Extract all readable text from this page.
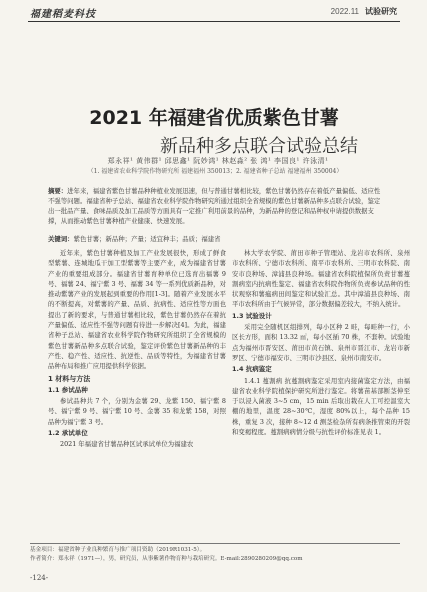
福建稻麦科技	2022.11 试验研究
2021 年福建省优质紫色甘薯
新品种多点联合试验总结
郑永祥¹ 黄伟群¹ 邱思鑫¹ 阮妙鸿¹ 林赵淼² 张 鸿¹ 李国良¹ 许泳清¹
（1. 福建省农业科学院作物研究所 福建福州 350013；2. 福建省种子总站 福建福州 350004）
摘要：进年来，福建省紫色甘薯品种种植业发展迅速，但与普通甘薯相比较，紫色甘薯仍然存在着低产量偏低、适应性不强等问题。福建省种子总站、福建省农业科学院作物研究所通过组织全省规模的紫色甘薯新品种多点联合试验，鉴定出一批品产量、食味品质及加工品质等方面具有一定推广利用前景的品种，为新品种的登记和品种权申请提供数据支撑，从而推动紫色甘薯种植产业健康、快速发展。
关键词：紫色甘薯；新品种；产量；适宜种丰；品质；福建省

近年来，紫色甘薯种植及加工产业发展很快，形成了鲜食型紫薯、连城地瓜干加工型紫薯等主要产业，成为福建省甘薯产业的重要组成部分。福建省甘薯育种单位已选育出福薯 9 号、福薯 24、福宁紫 3 号、福薯 34 等一系列优质新品种，对推动紫薯产业的发展起到重要的作用[1-3]。随着产业发展水平的不断提高，对紫薯的产量、品质、抗病性、适应性等方面也提出了新的要求，与普通甘薯相比较，紫色甘薯仍然存在着抗产量偏低、适应性不强等问题有待进一步解决[4]。为此，福建省种子总站、福建省农业科学院作物研究所组织了全省规模的紫色甘薯新品种多点联合试验，鉴定评价紫色甘薯新品种的丰产性、稳产性、适应性、抗逆性、品质等特性，为福建省甘薯品种布局和推广应用提供科学依据。

1 材料与方法
1.1 参试品种

参试品种共 7 个，分别为金薯 29、龙紫 150、福宁紫 8 号、福宁紫 9 号、福宁紫 10 号、金薯 35 和龙紫 158，对照品种为福宁紫 3 号。

1.2 承试单位

2021 年福建省甘薯品种区试承试单位为福建农

林大学农学院、莆田市种子管理站、龙岩市农科所、泉州市农科所、宁德市农科所、南平市农科所、三明市农科院、南安市良种场、漳浦县良种场。福建省农科院植保所负责甘薯蔓割病室内抗病性鉴定、福建省农科院作物所负责参试品种的性状观察和薯瘟病田间鉴定和试验汇总。其中漳浦县良种场、南平市农科所由于气候异常，部分数据偏差较大，不纳入统计。

1.3 试验设计

采用完全随机区组排列，每小区种 2 畦，每畦种一行，小区长方形，面积 13.32 ㎡，每小区插 70 株，不套种。试验地点为福州市晋安区、莆田市黄石镇、泉州市晋江市、龙岩市新罗区、宁德市福安市、三明市沙县区、泉州市南安市。

1.4 抗病鉴定

1.4.1 蔓割病 抗蔓割病鉴定采用室内接菌鉴定方法，由福建省农业科学院植保护研究所进行鉴定。将薯苗基部断茎伸至于以浸入菌液 3~5 cm，15 min 后取出栽在人工可控温室大棚的地里，温度 28~30℃，湿度 80%以上，每个品种 15 株，重复 3 次，接种 8~12 d 测茎检杂所有病条推管束的开裂和变褐程度。蔓割病病情分级与抗性评价标准见表 1。

基金项目：福建省种子业良种繁育与推广项目资助（2019R1031-5）。
作者简介：郑永祥（1971—），男，研究员，从事紫薯作物育种与栽培研究。E-mail:2890280209@qq.com
-124-
